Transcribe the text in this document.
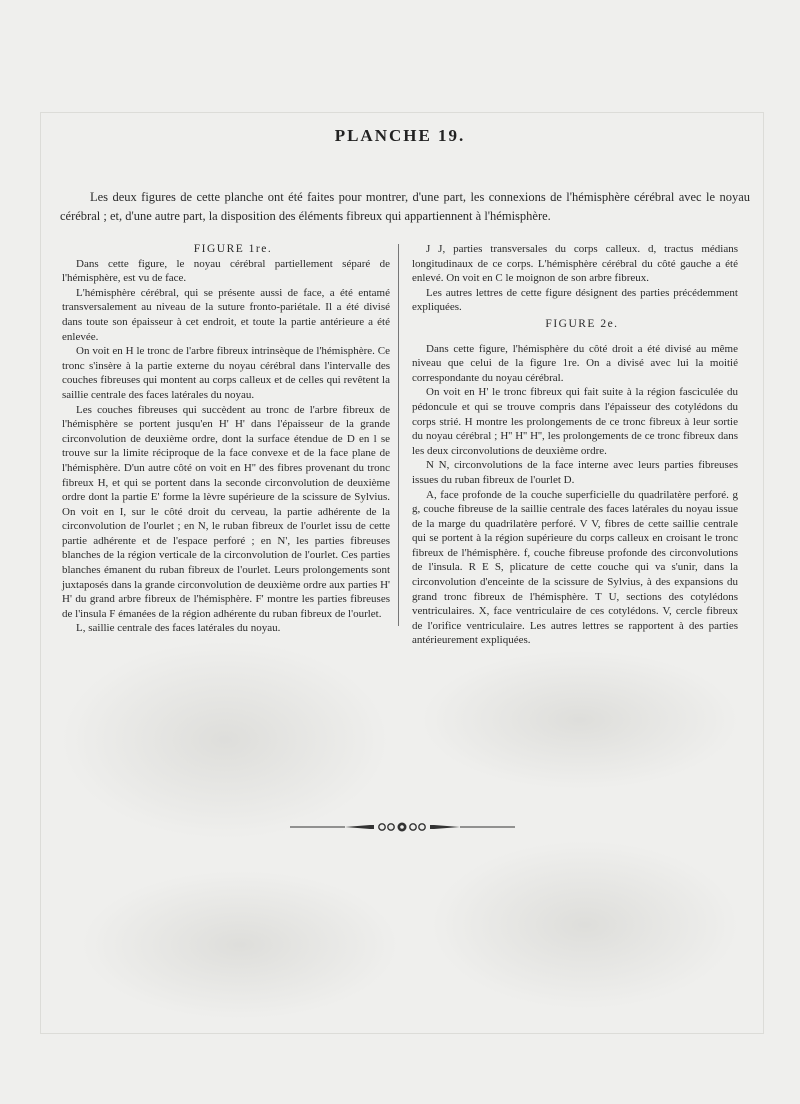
PLANCHE 19.
Les deux figures de cette planche ont été faites pour montrer, d'une part, les connexions de l'hémisphère cérébral avec le noyau cérébral ; et, d'une autre part, la disposition des éléments fibreux qui appartiennent à l'hémisphère.

FIGURE 1re.

Dans cette figure, le noyau cérébral partiellement séparé de l'hémisphère, est vu de face.

L'hémisphère cérébral, qui se présente aussi de face, a été entamé transversalement au niveau de la suture fronto-pariétale. Il a été divisé dans toute son épaisseur à cet endroit, et toute la partie antérieure a été enlevée.

On voit en H le tronc de l'arbre fibreux intrinsèque de l'hémisphère. Ce tronc s'insère à la partie externe du noyau cérébral dans l'intervalle des couches fibreuses qui montent au corps calleux et de celles qui revêtent la saillie centrale des faces latérales du noyau.

Les couches fibreuses qui succèdent au tronc de l'arbre fibreux de l'hémisphère se portent jusqu'en H' H' dans l'épaisseur de la grande circonvolution de deuxième ordre, dont la surface étendue de D en l se trouve sur la limite réciproque de la face convexe et de la face plane de l'hémisphère. D'un autre côté on voit en H'' des fibres provenant du tronc fibreux H, et qui se portent dans la seconde circonvolution de deuxième ordre dont la partie E' forme la lèvre supérieure de la scissure de Sylvius. On voit en I, sur le côté droit du cerveau, la partie adhérente de la circonvolution de l'ourlet ; en N, le ruban fibreux de l'ourlet issu de cette partie adhérente et de l'espace perforé ; en N', les parties fibreuses blanches de la région verticale de la circonvolution de l'ourlet. Ces parties blanches émanent du ruban fibreux de l'ourlet. Leurs prolongements sont juxtaposés dans la grande circonvolution de deuxième ordre aux parties H' H' du grand arbre fibreux de l'hémisphère. F' montre les parties fibreuses de l'insula F émanées de la région adhérente du ruban fibreux de l'ourlet.

L, saillie centrale des faces latérales du noyau.

J J, parties transversales du corps calleux. d, tractus médians longitudinaux de ce corps. L'hémisphère cérébral du côté gauche a été enlevé. On voit en C le moignon de son arbre fibreux.

Les autres lettres de cette figure désignent des parties précédemment expliquées.

FIGURE 2e.

Dans cette figure, l'hémisphère du côté droit a été divisé au même niveau que celui de la figure 1re. On a divisé avec lui la moitié correspondante du noyau cérébral.

On voit en H' le tronc fibreux qui fait suite à la région fasciculée du pédoncule et qui se trouve compris dans l'épaisseur des cotylédons du corps strié. H montre les prolongements de ce tronc fibreux à leur sortie du noyau cérébral ; H'' H'' H'', les prolongements de ce tronc fibreux dans les deux circonvolutions de deuxième ordre.

N N, circonvolutions de la face interne avec leurs parties fibreuses issues du ruban fibreux de l'ourlet D.

A, face profonde de la couche superficielle du quadrilatère perforé. g g, couche fibreuse de la saillie centrale des faces latérales du noyau issue de la marge du quadrilatère perforé. V V, fibres de cette saillie centrale qui se portent à la région supérieure du corps calleux en croisant le tronc fibreux de l'hémisphère. f, couche fibreuse profonde des circonvolutions de l'insula. R E S, plicature de cette couche qui va s'unir, dans la circonvolution d'enceinte de la scissure de Sylvius, à des expansions du grand tronc fibreux de l'hémisphère. T U, sections des cotylédons ventriculaires. X, face ventriculaire de ces cotylédons. V, cercle fibreux de l'orifice ventriculaire. Les autres lettres se rapportent à des parties antérieurement expliquées.
